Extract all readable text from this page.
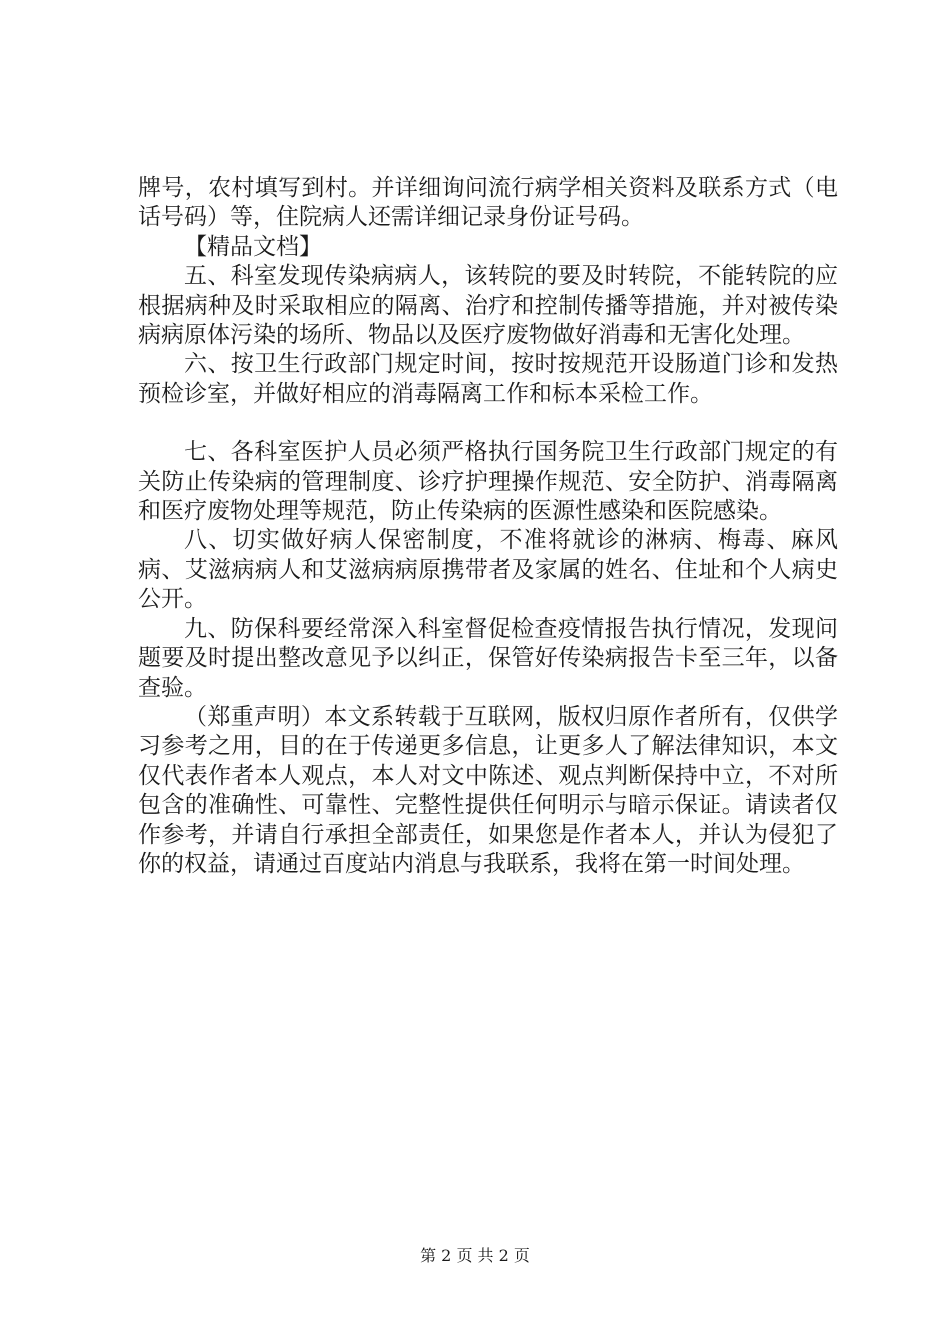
牌号，农村填写到村。并详细询问流行病学相关资料及联系方式（电话号码）等，住院病人还需详细记录身份证号码。

【精品文档】

五、科室发现传染病病人，该转院的要及时转院，不能转院的应根据病种及时采取相应的隔离、治疗和控制传播等措施，并对被传染病病原体污染的场所、物品以及医疗废物做好消毒和无害化处理。

六、按卫生行政部门规定时间，按时按规范开设肠道门诊和发热预检诊室，并做好相应的消毒隔离工作和标本采检工作。

七、各科室医护人员必须严格执行国务院卫生行政部门规定的有关防止传染病的管理制度、诊疗护理操作规范、安全防护、消毒隔离和医疗废物处理等规范，防止传染病的医源性感染和医院感染。

八、切实做好病人保密制度，不准将就诊的淋病、梅毒、麻风病、艾滋病病人和艾滋病病原携带者及家属的姓名、住址和个人病史公开。

九、防保科要经常深入科室督促检查疫情报告执行情况，发现问题要及时提出整改意见予以纠正，保管好传染病报告卡至三年，以备查验。

（郑重声明）本文系转载于互联网，版权归原作者所有，仅供学习参考之用，目的在于传递更多信息，让更多人了解法律知识，本文仅代表作者本人观点，本人对文中陈述、观点判断保持中立，不对所包含的准确性、可靠性、完整性提供任何明示与暗示保证。请读者仅作参考，并请自行承担全部责任，如果您是作者本人，并认为侵犯了你的权益，请通过百度站内消息与我联系，我将在第一时间处理。

第 2 页 共 2 页
